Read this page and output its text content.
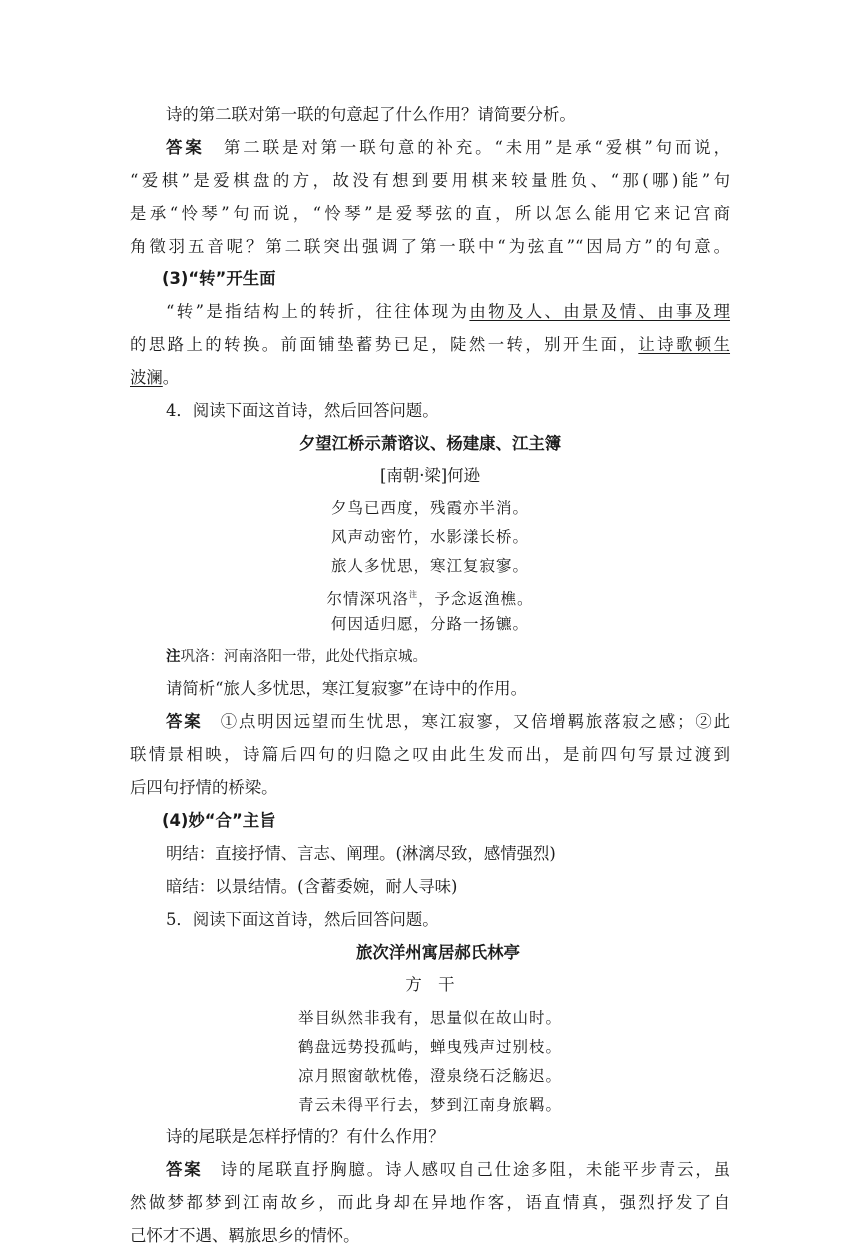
诗的第二联对第一联的句意起了什么作用？请简要分析。
答案　 第二联是对第一联句意的补充。“未用”是承“爱棋”句而说，
“爱棋”是爱棋盘的方，故没有想到要用棋来较量胜负、“那(哪)能”句
是承“怜琴”句而说，“怜琴”是爱琴弦的直，所以怎么能用它来记宫商
角徵羽五音呢？第二联突出强调了第一联中“为弦直”“因局方”的句意。
(3)“转”开生面
“转”是指结构上的转折，往往体现为由物及人、由景及情、由事及理
的思路上的转换。前面铺垫蓄势已足，陡然一转，别开生面，让诗歌顿生
波澜。
4．阅读下面这首诗，然后回答问题。
夕望江桥示萧谘议、杨建康、江主簿
[南朝·梁]何逊
夕鸟已西度，残霞亦半消。
风声动密竹，水影漾长桥。
旅人多忧思，寒江复寂寥。
尔情深巩洛$^注$，予念返渔樵。
何因适归愿，分路一扬镳。
注巩洛：河南洛阳一带，此处代指京城。
请简析“旅人多忧思，寒江复寂寥”在诗中的作用。
答案　 ①点明因远望而生忧思，寒江寂寥，又倍增羁旅落寂之感；②此
联情景相映，诗篇后四句的归隐之叹由此生发而出，是前四句写景过渡到
后四句抒情的桥梁。
(4)妙“合”主旨
明结：直接抒情、言志、阐理。(淋漓尽致，感情强烈)
暗结：以景结情。(含蓄委婉，耐人寻味)
5．阅读下面这首诗，然后回答问题。
旅次洋州寓居郝氏林亭
方　干
举目纵然非我有，思量似在故山时。
鹤盘远势投孤屿，蝉曳残声过别枝。
凉月照窗欹枕倦，澄泉绕石泛觞迟。
青云未得平行去，梦到江南身旅羁。
诗的尾联是怎样抒情的？有什么作用？
答案　 诗的尾联直抒胸臆。诗人感叹自己仕途多阻，未能平步青云，虽
然做梦都梦到江南故乡，而此身却在异地作客，语直情真，强烈抒发了自
己怀才不遇、羁旅思乡的情怀。
